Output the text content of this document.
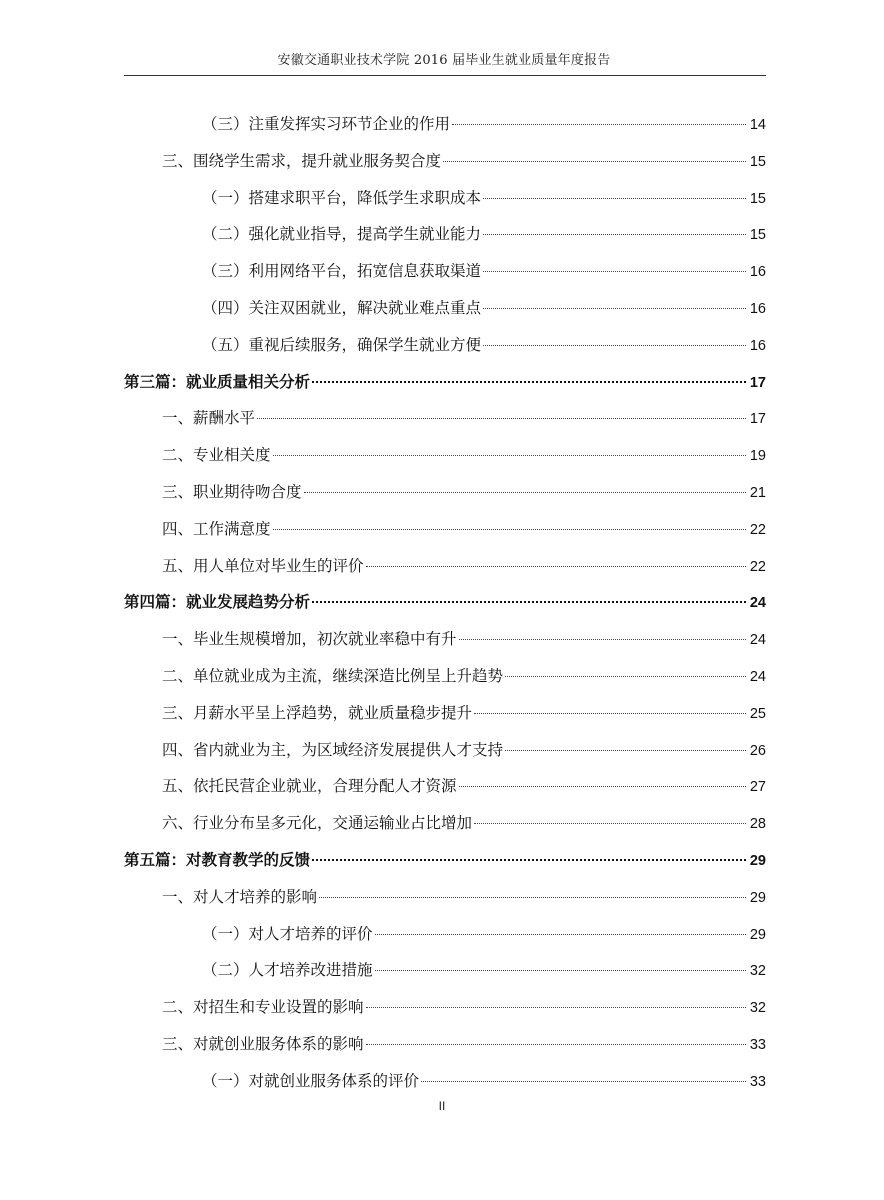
安徽交通职业技术学院 2016 届毕业生就业质量年度报告
（三）注重发挥实习环节企业的作用	14
三、围绕学生需求，提升就业服务契合度	15
（一）搭建求职平台，降低学生求职成本	15
（二）强化就业指导，提高学生就业能力	15
（三）利用网络平台，拓宽信息获取渠道	16
（四）关注双困就业，解决就业难点重点	16
（五）重视后续服务，确保学生就业方便	16
第三篇：就业质量相关分析	17
一、薪酬水平	17
二、专业相关度	19
三、职业期待吻合度	21
四、工作满意度	22
五、用人单位对毕业生的评价	22
第四篇：就业发展趋势分析	24
一、毕业生规模增加，初次就业率稳中有升	24
二、单位就业成为主流，继续深造比例呈上升趋势	24
三、月薪水平呈上浮趋势，就业质量稳步提升	25
四、省内就业为主，为区域经济发展提供人才支持	26
五、依托民营企业就业，合理分配人才资源	27
六、行业分布呈多元化，交通运输业占比增加	28
第五篇：对教育教学的反馈	29
一、对人才培养的影响	29
（一）对人才培养的评价	29
（二）人才培养改进措施	32
二、对招生和专业设置的影响	32
三、对就创业服务体系的影响	33
（一）对就创业服务体系的评价	33
II
